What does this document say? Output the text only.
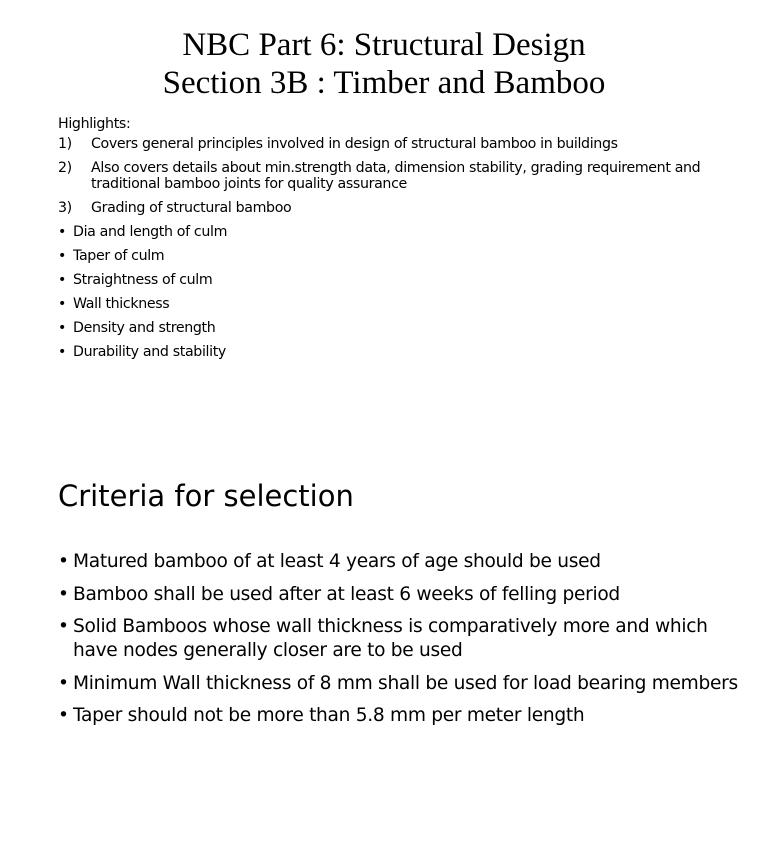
NBC Part 6: Structural Design
Section 3B : Timber and Bamboo
Highlights:
1) Covers general principles involved in design of structural bamboo in buildings
2) Also covers details about min.strength data, dimension stability, grading requirement and traditional bamboo joints for quality assurance
3) Grading of structural bamboo
• Dia and length of culm
• Taper of culm
• Straightness of culm
• Wall thickness
• Density and strength
• Durability and stability
Criteria for selection
• Matured bamboo of at least 4 years of age should be used
• Bamboo shall be used after at least 6 weeks of felling period
• Solid Bamboos whose wall thickness is comparatively more and which have nodes generally closer are to be used
• Minimum Wall thickness of 8 mm shall be used for load bearing members
• Taper should not be more than 5.8 mm per meter length
